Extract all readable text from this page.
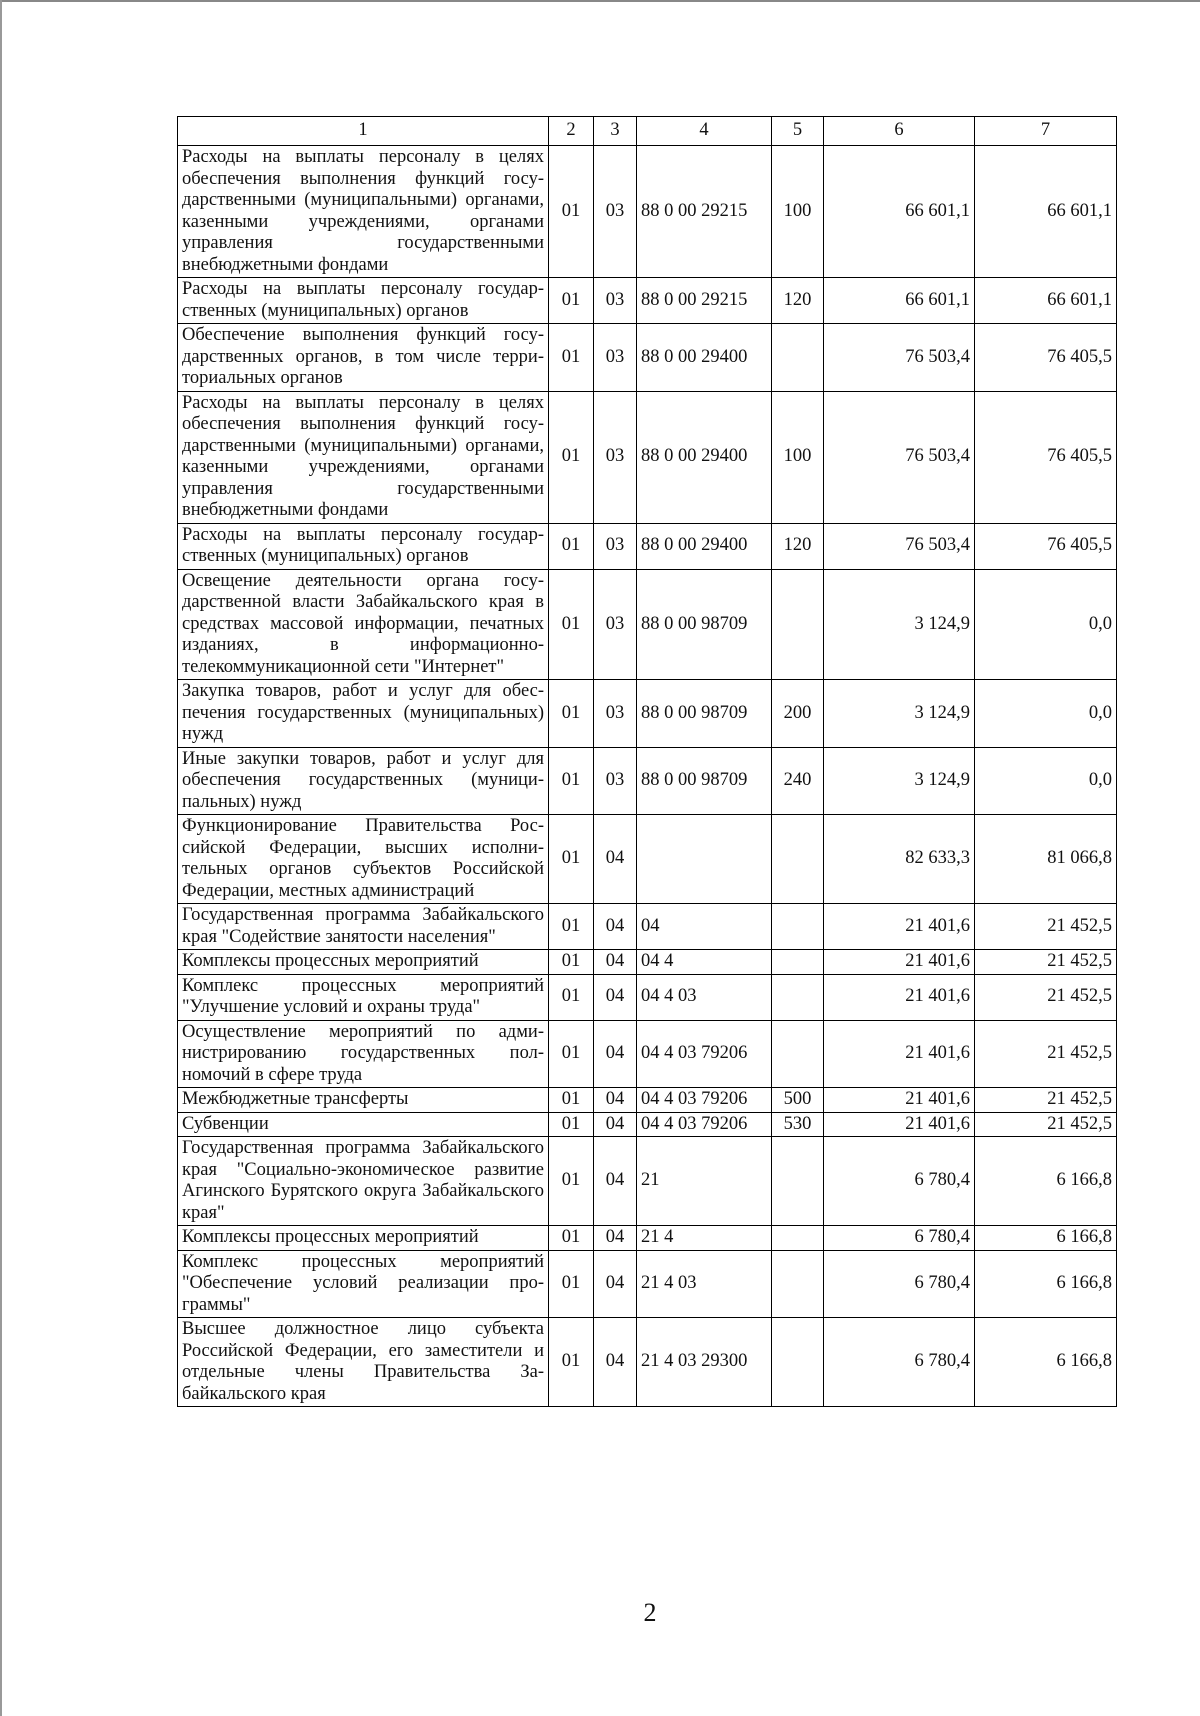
1	2	3	4	5	6	7
Расходы на выплаты персоналу в целях обеспечения выполнения функций государственными (муниципальными) органами, казенными учреждениями, органами управления государственными внебюджетными фондами	01	03	88 0 00 29215	100	66 601,1	66 601,1
Расходы на выплаты персоналу государственных (муниципальных) органов	01	03	88 0 00 29215	120	66 601,1	66 601,1
Обеспечение выполнения функций государственных органов, в том числе территориальных органов	01	03	88 0 00 29400		76 503,4	76 405,5
Расходы на выплаты персоналу в целях обеспечения выполнения функций государственными (муниципальными) органами, казенными учреждениями, органами управления государственными внебюджетными фондами	01	03	88 0 00 29400	100	76 503,4	76 405,5
Расходы на выплаты персоналу государственных (муниципальных) органов	01	03	88 0 00 29400	120	76 503,4	76 405,5
Освещение деятельности органа государственной власти Забайкальского края в средствах массовой информации, печатных изданиях, в информационно-телекоммуникационной сети "Интернет"	01	03	88 0 00 98709		3 124,9	0,0
Закупка товаров, работ и услуг для обеспечения государственных (муниципальных) нужд	01	03	88 0 00 98709	200	3 124,9	0,0
Иные закупки товаров, работ и услуг для обеспечения государственных (муниципальных) нужд	01	03	88 0 00 98709	240	3 124,9	0,0
Функционирование Правительства Российской Федерации, высших исполнительных органов субъектов Российской Федерации, местных администраций	01	04			82 633,3	81 066,8
Государственная программа Забайкальского края "Содействие занятости населения"	01	04	04		21 401,6	21 452,5
Комплексы процессных мероприятий	01	04	04 4		21 401,6	21 452,5
Комплекс процессных мероприятий "Улучшение условий и охраны труда"	01	04	04 4 03		21 401,6	21 452,5
Осуществление мероприятий по администрированию государственных полномочий в сфере труда	01	04	04 4 03 79206		21 401,6	21 452,5
Межбюджетные трансферты	01	04	04 4 03 79206	500	21 401,6	21 452,5
Субвенции	01	04	04 4 03 79206	530	21 401,6	21 452,5
Государственная программа Забайкальского края "Социально-экономическое развитие Агинского Бурятского округа Забайкальского края"	01	04	21		6 780,4	6 166,8
Комплексы процессных мероприятий	01	04	21 4		6 780,4	6 166,8
Комплекс процессных мероприятий "Обеспечение условий реализации программы"	01	04	21 4 03		6 780,4	6 166,8
Высшее должностное лицо субъекта Российской Федерации, его заместители и отдельные члены Правительства Забайкальского края	01	04	21 4 03 29300		6 780,4	6 166,8
2
